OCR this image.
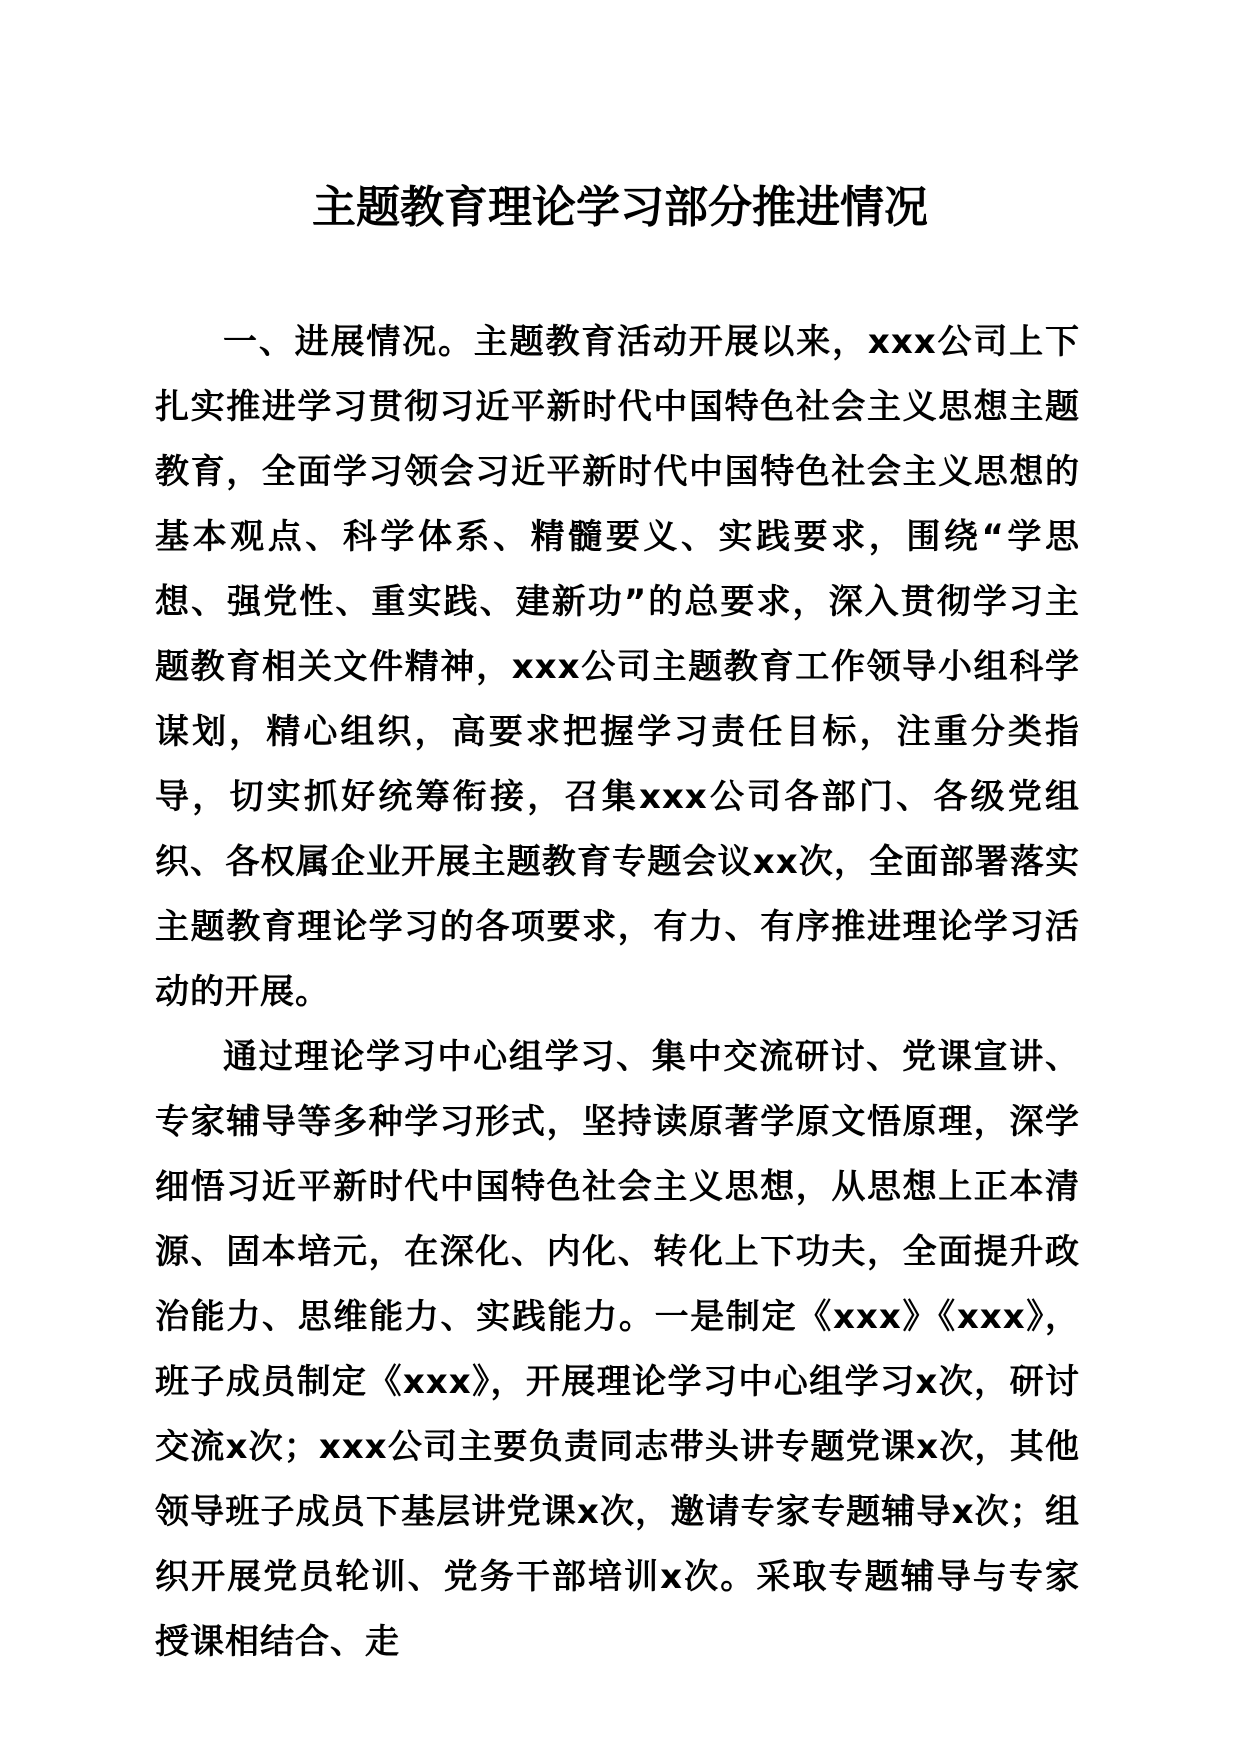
主题教育理论学习部分推进情况

一、进展情况。主题教育活动开展以来，xxx公司上下扎实推进学习贯彻习近平新时代中国特色社会主义思想主题教育，全面学习领会习近平新时代中国特色社会主义思想的基本观点、科学体系、精髓要义、实践要求，围绕“学思想、强党性、重实践、建新功”的总要求，深入贯彻学习主题教育相关文件精神，xxx公司主题教育工作领导小组科学谋划，精心组织，高要求把握学习责任目标，注重分类指导，切实抓好统筹衔接，召集xxx公司各部门、各级党组织、各权属企业开展主题教育专题会议xx次，全面部署落实主题教育理论学习的各项要求，有力、有序推进理论学习活动的开展。

通过理论学习中心组学习、集中交流研讨、党课宣讲、专家辅导等多种学习形式，坚持读原著学原文悟原理，深学细悟习近平新时代中国特色社会主义思想，从思想上正本清源、固本培元，在深化、内化、转化上下功夫，全面提升政治能力、思维能力、实践能力。一是制定《xxx》《xxx》，班子成员制定《xxx》，开展理论学习中心组学习x次，研讨交流x次；xxx公司主要负责同志带头讲专题党课x次，其他领导班子成员下基层讲党课x次，邀请专家专题辅导x次；组织开展党员轮训、党务干部培训x次。采取专题辅导与专家授课相结合、走
